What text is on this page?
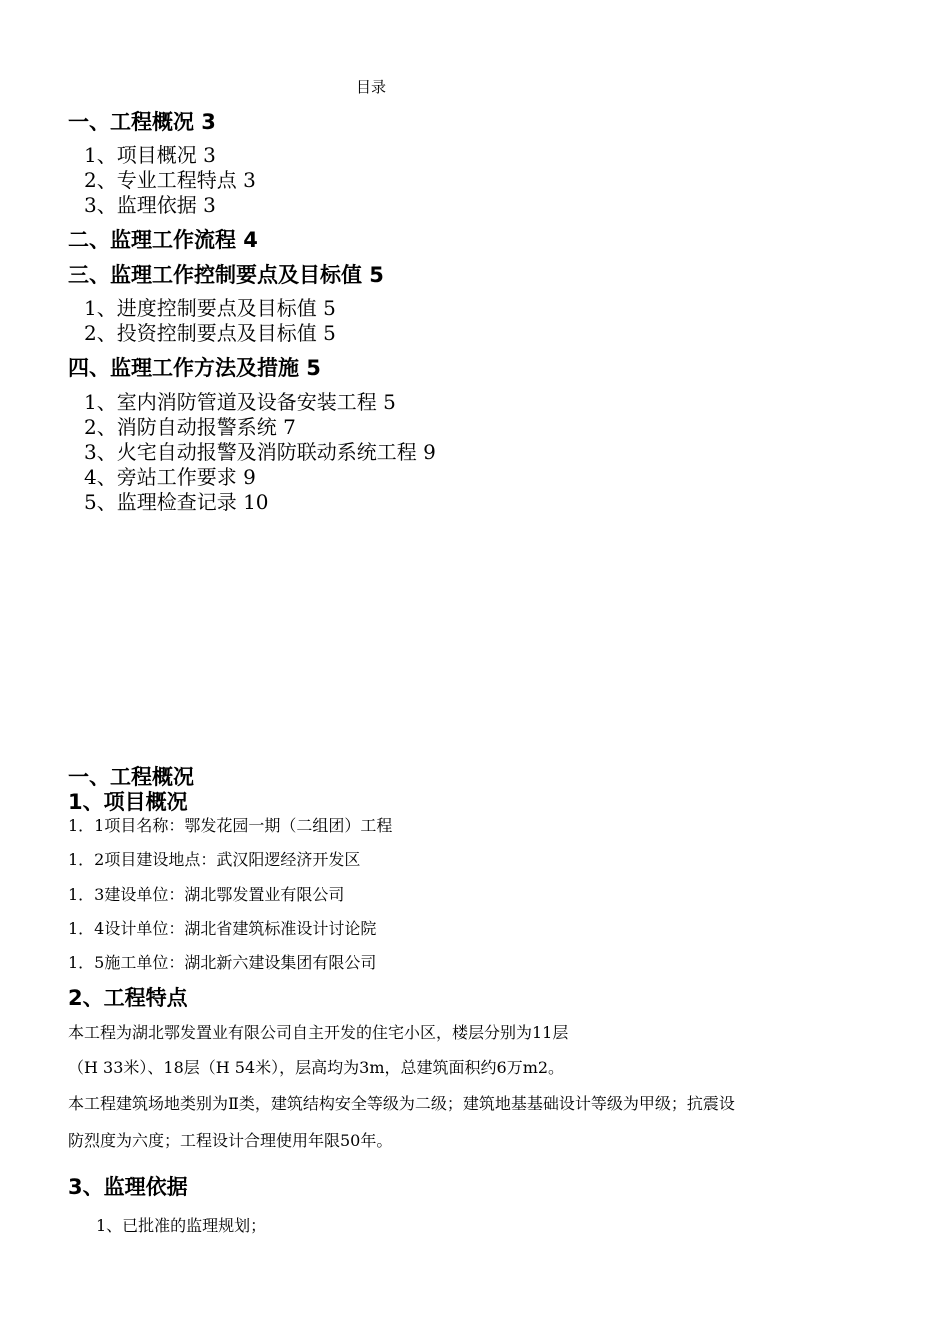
目录
一、工程概况 3
1、项目概况 3
2、专业工程特点 3
3、监理依据 3
二、监理工作流程 4
三、监理工作控制要点及目标值 5
1、进度控制要点及目标值 5
2、投资控制要点及目标值 5
四、监理工作方法及措施 5
1、室内消防管道及设备安装工程 5
2、消防自动报警系统 7
3、火宅自动报警及消防联动系统工程 9
4、旁站工作要求 9
5、监理检查记录 10
一、工程概况
1、项目概况
1．1项目名称：鄂发花园一期（二组团）工程
1．2项目建设地点：武汉阳逻经济开发区
1．3建设单位：湖北鄂发置业有限公司
1．4设计单位：湖北省建筑标准设计讨论院
1．5施工单位：湖北新六建设集团有限公司
2、工程特点
本工程为湖北鄂发置业有限公司自主开发的住宅小区，楼层分别为11层
（H 33米）、18层（H 54米），层高均为3m，总建筑面积约6万m2。
本工程建筑场地类别为Ⅱ类，建筑结构安全等级为二级；建筑地基基础设计等级为甲级；抗震设
防烈度为六度；工程设计合理使用年限50年。
3、监理依据
1、已批准的监理规划；
